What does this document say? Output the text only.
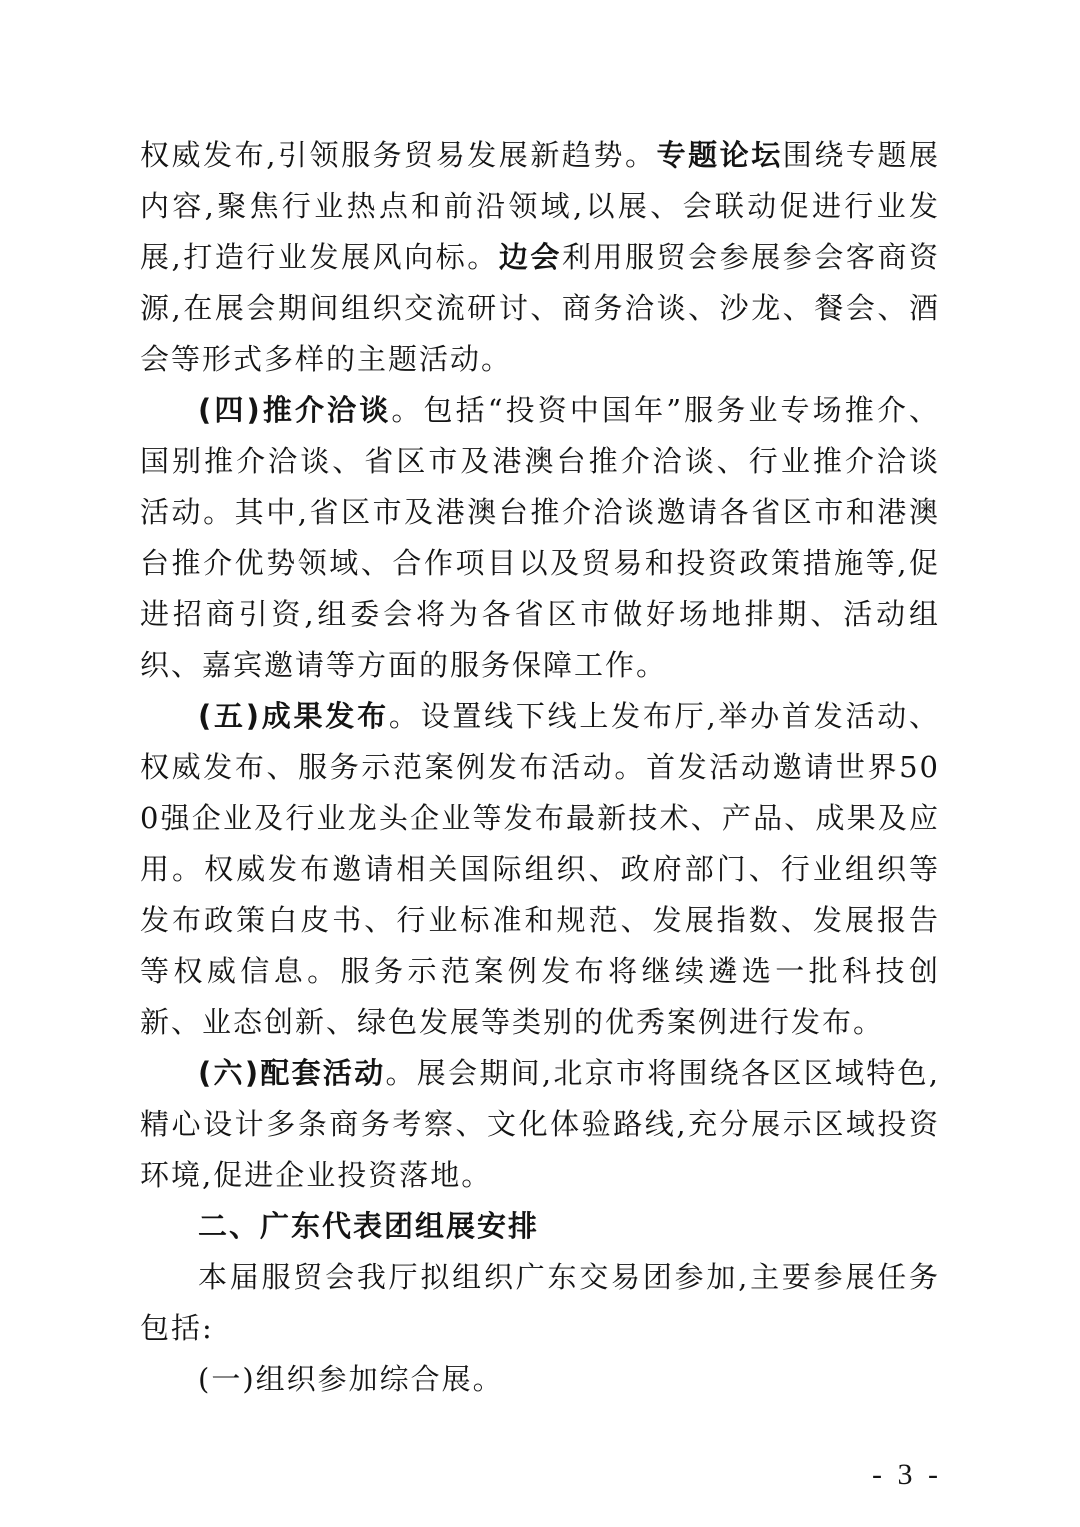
权威发布,引领服务贸易发展新趋势。专题论坛围绕专题展内容,聚焦行业热点和前沿领域,以展、会联动促进行业发展,打造行业发展风向标。边会利用服贸会参展参会客商资源,在展会期间组织交流研讨、商务洽谈、沙龙、餐会、酒会等形式多样的主题活动。

(四)推介洽谈。包括“投资中国年”服务业专场推介、国别推介洽谈、省区市及港澳台推介洽谈、行业推介洽谈活动。其中,省区市及港澳台推介洽谈邀请各省区市和港澳台推介优势领域、合作项目以及贸易和投资政策措施等,促进招商引资,组委会将为各省区市做好场地排期、活动组织、嘉宾邀请等方面的服务保障工作。

(五)成果发布。设置线下线上发布厅,举办首发活动、权威发布、服务示范案例发布活动。首发活动邀请世界500强企业及行业龙头企业等发布最新技术、产品、成果及应用。权威发布邀请相关国际组织、政府部门、行业组织等发布政策白皮书、行业标准和规范、发展指数、发展报告等权威信息。服务示范案例发布将继续遴选一批科技创新、业态创新、绿色发展等类别的优秀案例进行发布。

(六)配套活动。展会期间,北京市将围绕各区区域特色,精心设计多条商务考察、文化体验路线,充分展示区域投资环境,促进企业投资落地。

二、广东代表团组展安排

本届服贸会我厅拟组织广东交易团参加,主要参展任务包括:

(一)组织参加综合展。

- 3 -
